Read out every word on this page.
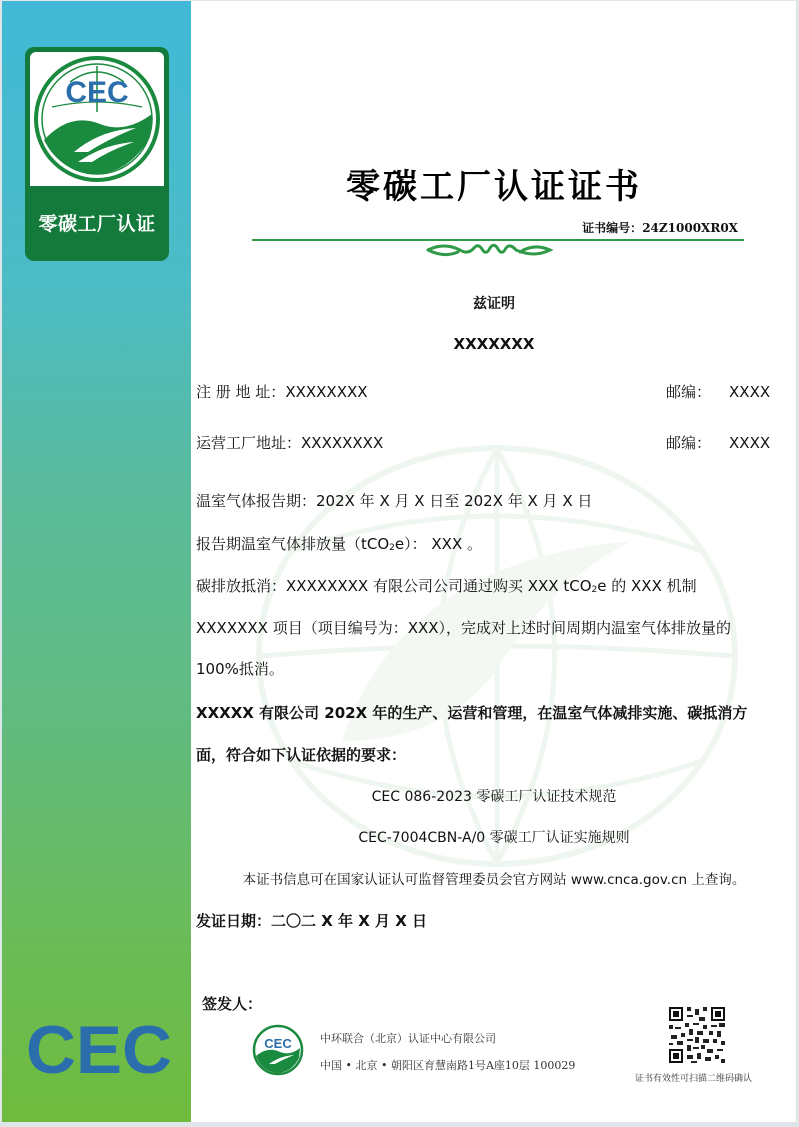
CEC
零碳工厂认证
CEC
零碳工厂认证证书
证书编号：24Z1000XR0X
兹证明
XXXXXXX
注 册 地 址：XXXXXXXX	邮编： XXXX
运营工厂地址：XXXXXXXX	邮编： XXXX
温室气体报告期：202X 年 X 月 X 日至 202X 年 X 月 X 日
报告期温室气体排放量（tCO$_2$e）： XXX 。
碳排放抵消：XXXXXXXX 有限公司公司通过购买 XXX tCO$_2$e 的 XXX 机制
XXXXXXX 项目（项目编号为：XXX），完成对上述时间周期内温室气体排放量的
100%抵消。
XXXXX 有限公司 202X 年的生产、运营和管理，在温室气体减排实施、碳抵消方
面，符合如下认证依据的要求：
CEC 086-2023 零碳工厂认证技术规范
CEC-7004CBN-A/0 零碳工厂认证实施规则
本证书信息可在国家认证认可监督管理委员会官方网站 www.cnca.gov.cn 上查询。
发证日期：二〇二 X 年 X 月 X 日
签发人：
CEC	中环联合（北京）认证中心有限公司
中国 • 北京 • 朝阳区育慧南路1号A座10层 100029
证书有效性可扫描二维码确认
